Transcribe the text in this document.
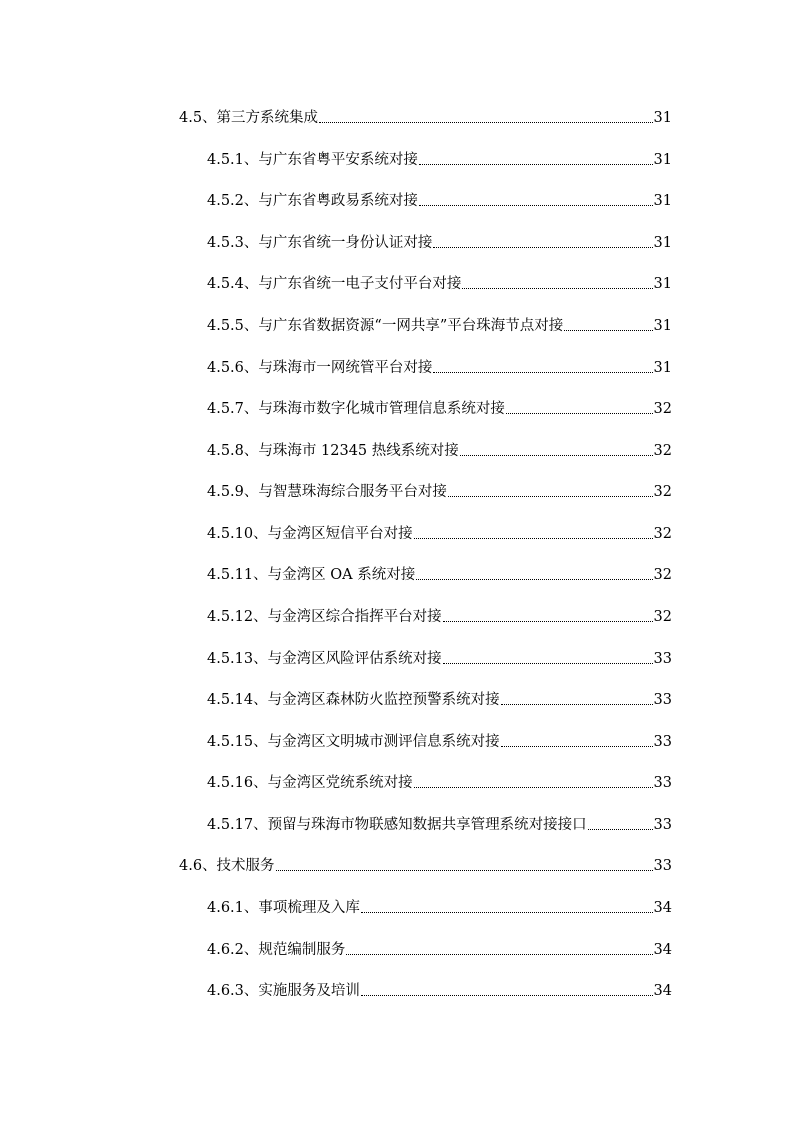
4.5 、第三方系统集成	31
4.5.1 、与广东省粤平安系统对接	31
4.5.2 、与广东省粤政易系统对接	31
4.5.3 、与广东省统一身份认证对接	31
4.5.4 、与广东省统一电子支付平台对接	31
4.5.5 、与广东省数据资源“一网共享”平台珠海节点对接	31
4.5.6 、与珠海市一网统管平台对接	31
4.5.7 、与珠海市数字化城市管理信息系统对接	32
4.5.8 、与珠海市 12345 热线系统对接	32
4.5.9 、与智慧珠海综合服务平台对接	32
4.5.10 、与金湾区短信平台对接	32
4.5.11 、与金湾区 OA 系统对接	32
4.5.12 、与金湾区综合指挥平台对接	32
4.5.13 、与金湾区风险评估系统对接	33
4.5.14 、与金湾区森林防火监控预警系统对接	33
4.5.15 、与金湾区文明城市测评信息系统对接	33
4.5.16 、与金湾区党统系统对接	33
4.5.17 、预留与珠海市物联感知数据共享管理系统对接接口	33
4.6 、技术服务	33
4.6.1 、事项梳理及入库	34
4.6.2 、规范编制服务	34
4.6.3 、实施服务及培训	34
